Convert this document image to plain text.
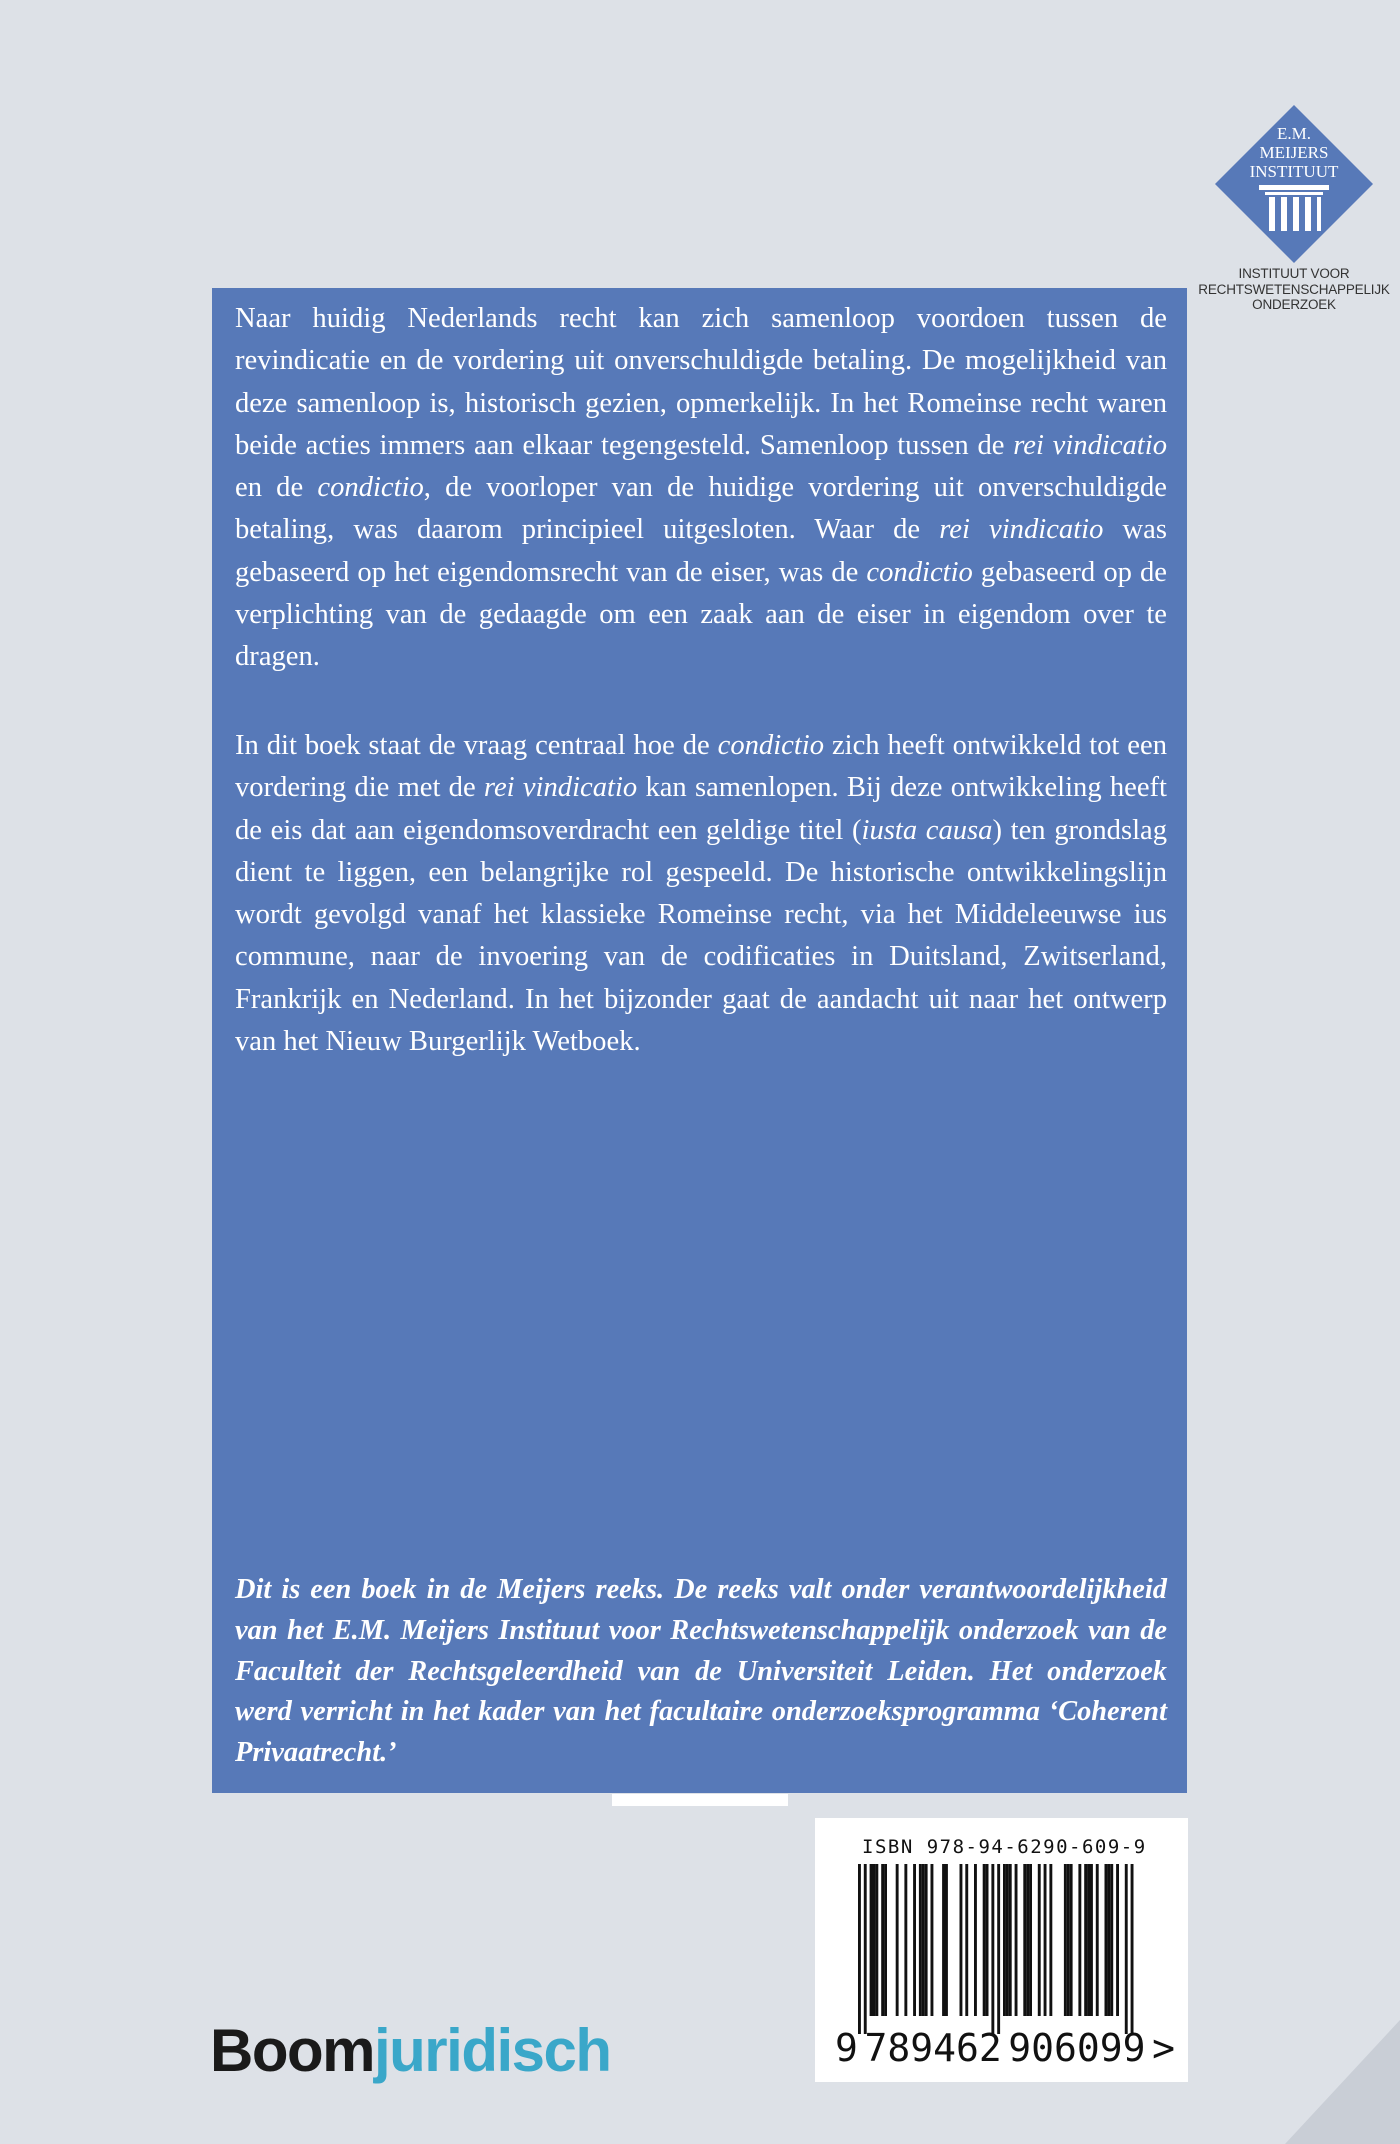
E.M.
MEIJERS
INSTITUUT
INSTITUUT VOOR
RECHTSWETENSCHAPPELIJK
ONDERZOEK

Naar huidig Nederlands recht kan zich samenloop voordoen tussen de revindicatie en de vordering uit onverschuldigde betaling. De mogelijkheid van deze samenloop is, historisch gezien, opmerkelijk. In het Romeinse recht waren beide acties immers aan elkaar tegengesteld. Samenloop tussen de rei vindicatio en de condictio, de voorloper van de huidige vordering uit onverschuldigde betaling, was daarom principieel uitgesloten. Waar de rei vindicatio was gebaseerd op het eigendomsrecht van de eiser, was de condictio gebaseerd op de verplichting van de gedaagde om een zaak aan de eiser in eigendom over te dragen.

In dit boek staat de vraag centraal hoe de condictio zich heeft ontwikkeld tot een vordering die met de rei vindicatio kan samenlopen. Bij deze ontwikkeling heeft de eis dat aan eigendomsoverdracht een geldige titel (iusta causa) ten grondslag dient te liggen, een belangrijke rol gespeeld. De historische ontwikkelingslijn wordt gevolgd vanaf het klassieke Romeinse recht, via het Middeleeuwse ius commune, naar de invoering van de codificaties in Duitsland, Zwitserland, Frankrijk en Nederland. In het bijzonder gaat de aandacht uit naar het ontwerp van het Nieuw Burgerlijk Wetboek.

Dit is een boek in de Meijers reeks. De reeks valt onder verantwoordelijkheid van het E.M. Meijers Instituut voor Rechtswetenschappelijk onderzoek van de Faculteit der Rechtsgeleerdheid van de Universiteit Leiden. Het onderzoek werd verricht in het kader van het facultaire onderzoeksprogramma ‘Coherent Privaatrecht.’

ISBN 978-94-6290-609-9
9 789462 906099 >
Boomjuridisch
